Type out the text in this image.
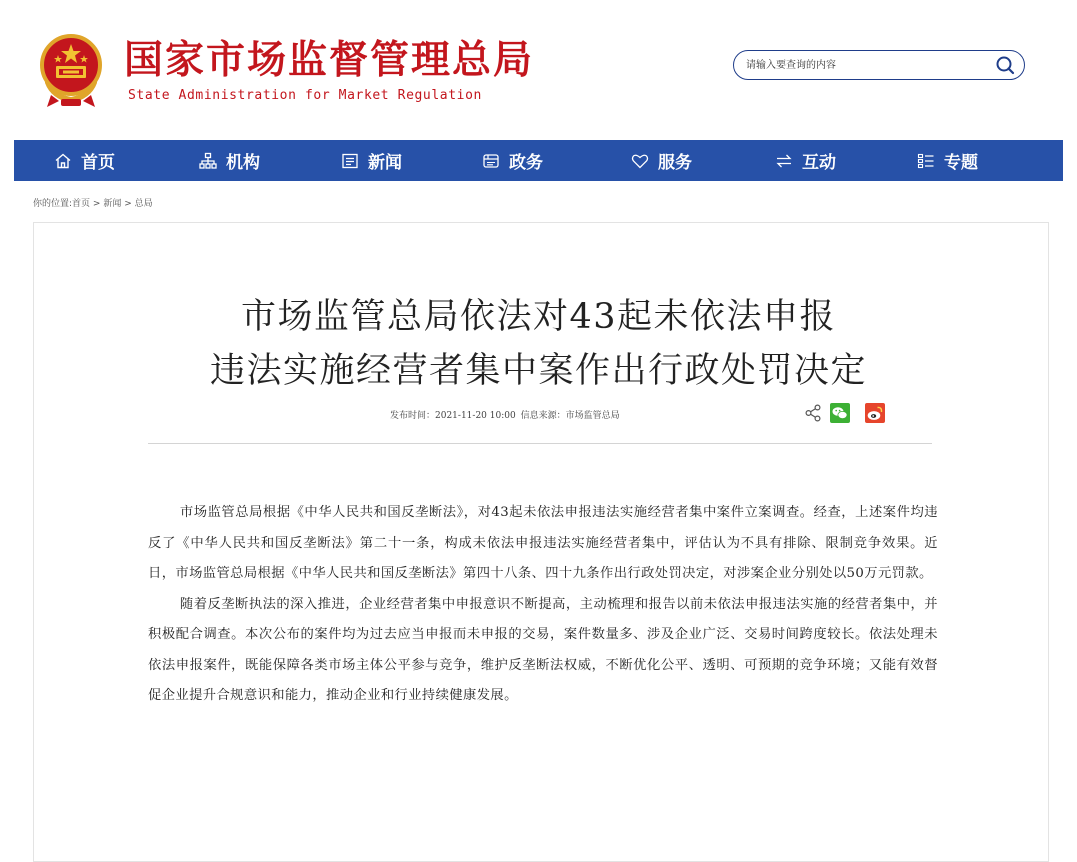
国家市场监督管理总局
State Administration for Market Regulation
请输入要查询的内容
首页	机构	新闻	政务	服务	互动	专题
你的位置:首页 > 新闻 > 总局
市场监管总局依法对43起未依法申报
违法实施经营者集中案作出行政处罚决定
发布时间：2021-11-20 10:00 信息来源：市场监管总局

市场监管总局根据《中华人民共和国反垄断法》，对43起未依法申报违法实施经营者集中案件立案调查。经查，上述案件均违反了《中华人民共和国反垄断法》第二十一条，构成未依法申报违法实施经营者集中，评估认为不具有排除、限制竞争效果。近日，市场监管总局根据《中华人民共和国反垄断法》第四十八条、四十九条作出行政处罚决定，对涉案企业分别处以50万元罚款。

随着反垄断执法的深入推进，企业经营者集中申报意识不断提高，主动梳理和报告以前未依法申报违法实施的经营者集中，并积极配合调查。本次公布的案件均为过去应当申报而未申报的交易，案件数量多、涉及企业广泛、交易时间跨度较长。依法处理未依法申报案件，既能保障各类市场主体公平参与竞争，维护反垄断法权威，不断优化公平、透明、可预期的竞争环境；又能有效督促企业提升合规意识和能力，推动企业和行业持续健康发展。
